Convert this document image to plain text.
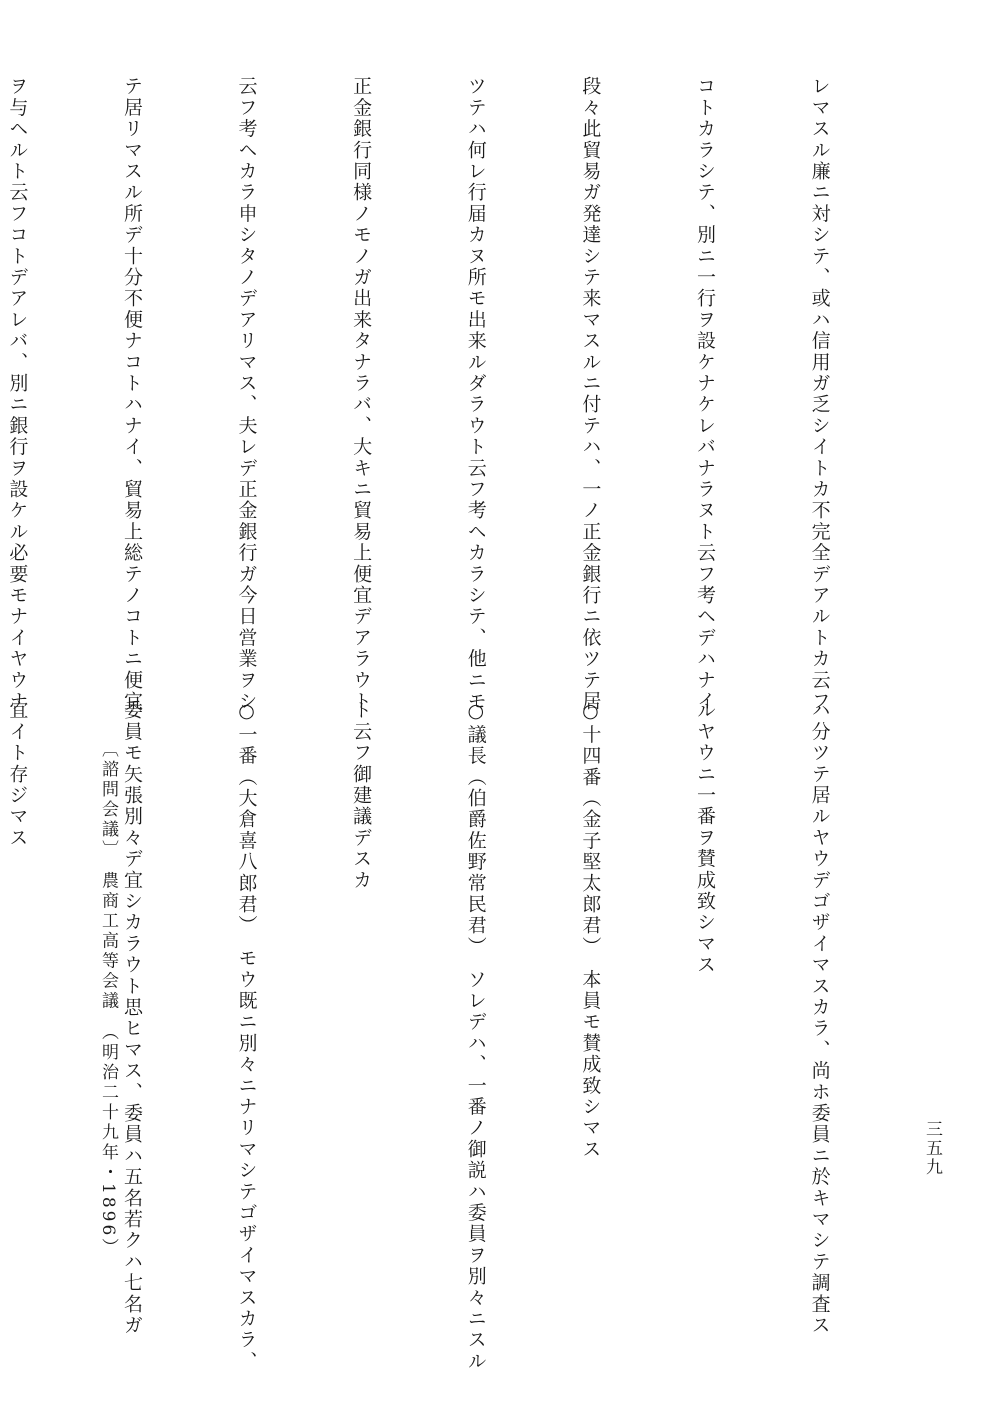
レマスル廉ニ対シテ、或ハ信用ガ乏シイトカ不完全デアルトカ云フ

コトカラシテ、別ニ一行ヲ設ケナケレバナラヌト云フ考ヘデハナイ

段々此貿易ガ発達シテ来マスルニ付テハ、一ノ正金銀行ニ依ツテ居

ツテハ何レ行届カヌ所モ出来ルダラウト云フ考ヘカラシテ、他ニモ

正金銀行同様ノモノガ出来タナラバ、大キニ貿易上便宜デアラウト

云フ考ヘカラ申シタノデアリマス、夫レデ正金銀行ガ今日営業ヲシ

テ居リマスル所デ十分不便ナコトハナイ、貿易上総テノコトニ便宜

ヲ与ヘルト云フコトデアレバ、別ニ銀行ヲ設ケル必要モナイヤウナ

ハ分ツテ居ルヤウデゴザイマスカラ、尚ホ委員ニ於キマシテ調査ス

ルヤウニ一番ヲ賛成致シマス

○十四番（金子堅太郎君）　本員モ賛成致シマス

○議長（伯爵佐野常民君）　ソレデハ、一番ノ御説ハ委員ヲ別々ニスル

ト云フ御建議デスカ

○一番（大倉喜八郎君）　モウ既ニ別々ニナリマシテゴザイマスカラ、

委員モ矢張別々デ宜シカラウト思ヒマス、委員ハ五名若クハ七名ガ

宜イト存ジマス

	〔諮問会議〕　農商工高等会議　（明治二十九年・1896）	三五九
